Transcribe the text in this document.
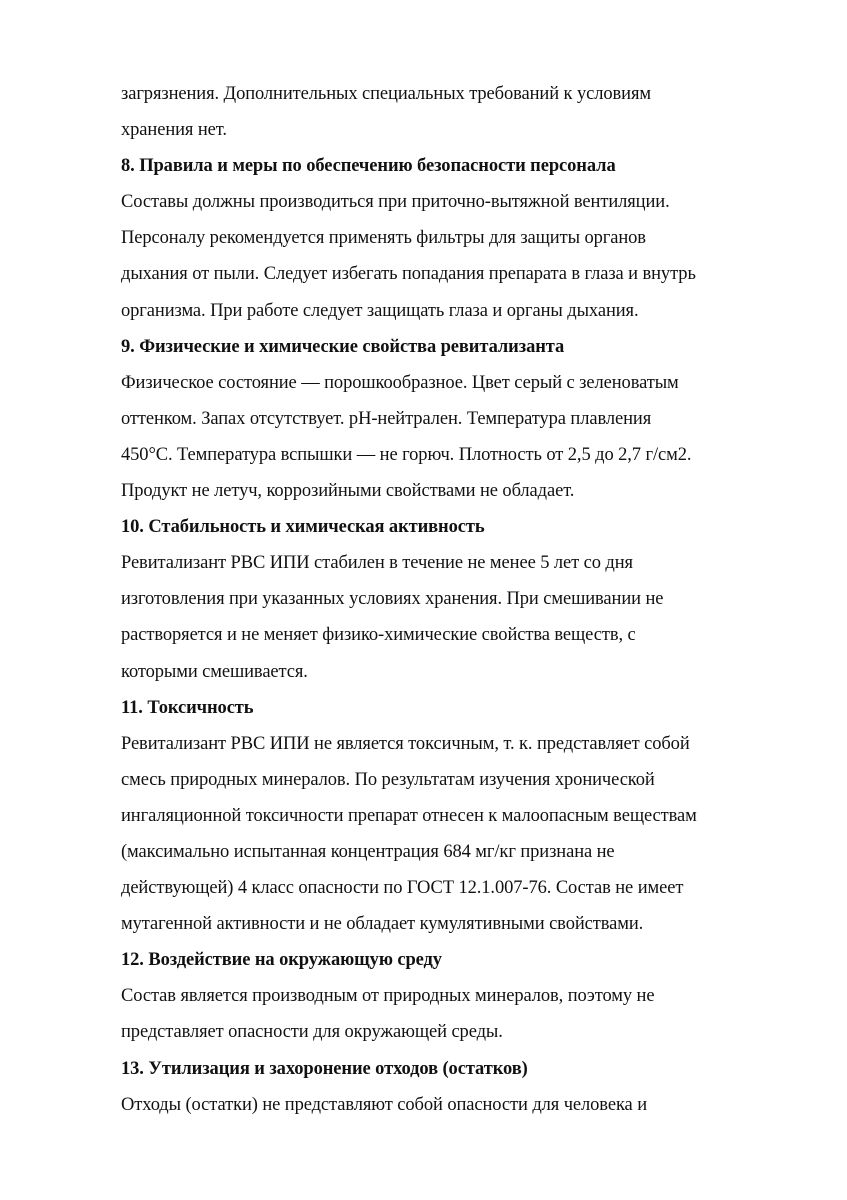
загрязнения. Дополнительных специальных требований к условиям
хранения нет.
8. Правила и меры по обеспечению безопасности персонала
Составы должны производиться при приточно-вытяжной вентиляции.
Персоналу рекомендуется применять фильтры для защиты органов
дыхания от пыли. Следует избегать попадания препарата в глаза и внутрь
организма. При работе следует защищать глаза и органы дыхания.
9. Физические и химические свойства ревитализанта
Физическое состояние — порошкообразное. Цвет серый с зеленоватым
оттенком. Запах отсутствует. pH-нейтрален. Температура плавления
450°C. Температура вспышки — не горюч. Плотность от 2,5 до 2,7 г/см2.
Продукт не летуч, коррозийными свойствами не обладает.
10. Стабильность и химическая активность
Ревитализант РВС ИПИ стабилен в течение не менее 5 лет со дня
изготовления при указанных условиях хранения. При смешивании не
растворяется и не меняет физико-химические свойства веществ, с
которыми смешивается.
11. Токсичность
Ревитализант РВС ИПИ не является токсичным, т. к. представляет собой
смесь природных минералов. По результатам изучения хронической
ингаляционной токсичности препарат отнесен к малоопасным веществам
(максимально испытанная концентрация 684 мг/кг признана не
действующей) 4 класс опасности по ГОСТ 12.1.007-76. Состав не имеет
мутагенной активности и не обладает кумулятивными свойствами.
12. Воздействие на окружающую среду
Состав является производным от природных минералов, поэтому не
представляет опасности для окружающей среды.
13. Утилизация и захоронение отходов (остатков)
Отходы (остатки) не представляют собой опасности для человека и
